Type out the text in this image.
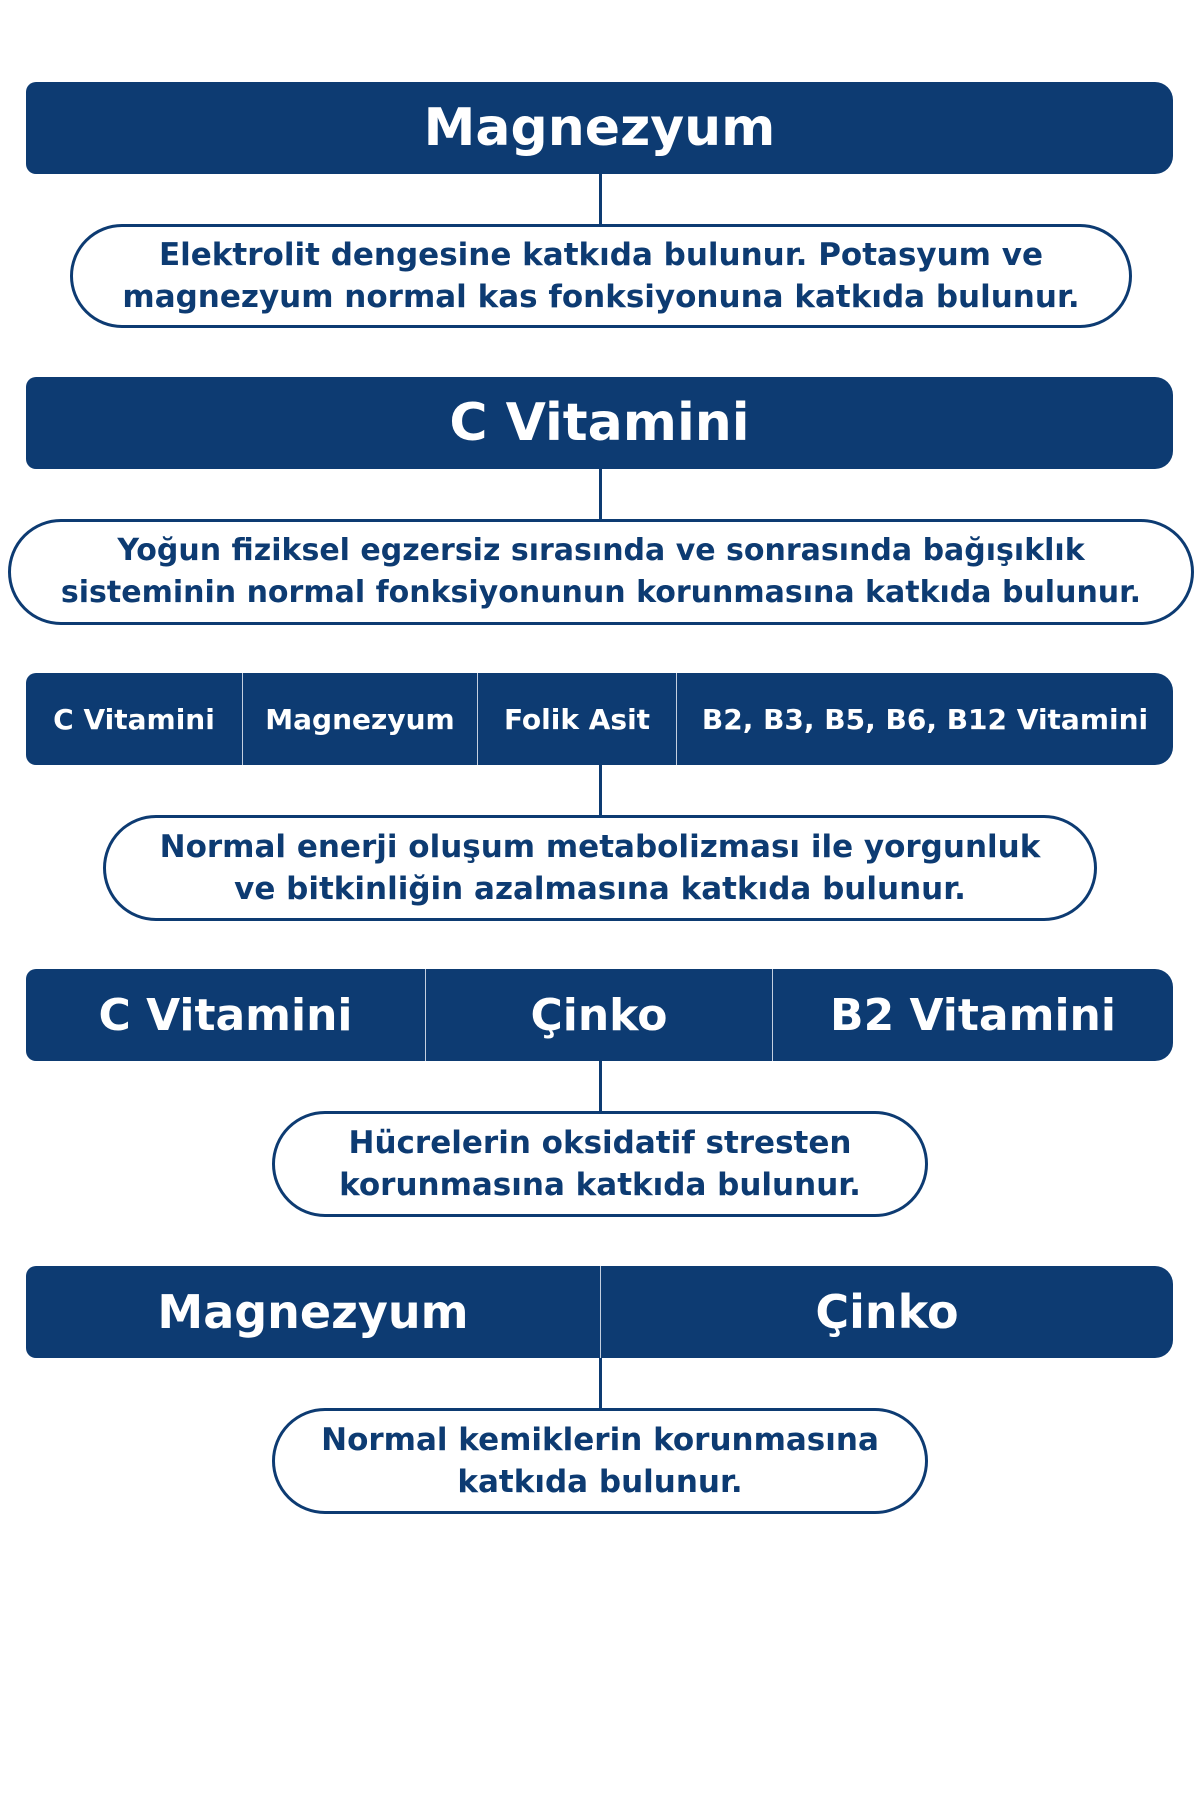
Magnezyum
Elektrolit dengesine katkıda bulunur. Potasyum ve
magnezyum normal kas fonksiyonuna katkıda bulunur.
C Vitamini
Yoğun fiziksel egzersiz sırasında ve sonrasında bağışıklık
sisteminin normal fonksiyonunun korunmasına katkıda bulunur.
C Vitamini	Magnezyum	Folik Asit	B2, B3, B5, B6, B12 Vitamini
Normal enerji oluşum metabolizması ile yorgunluk
ve bitkinliğin azalmasına katkıda bulunur.
C Vitamini	Çinko	B2 Vitamini
Hücrelerin oksidatif stresten
korunmasına katkıda bulunur.
Magnezyum	Çinko
Normal kemiklerin korunmasına
katkıda bulunur.
